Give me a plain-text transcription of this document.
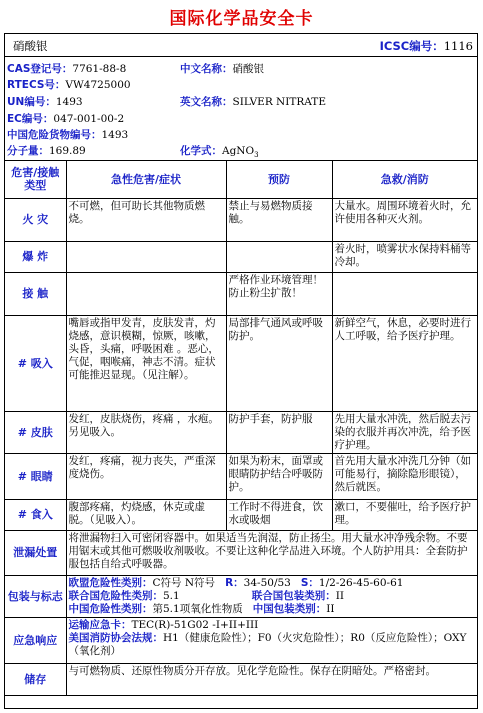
国际化学品安全卡
硝酸银	ICSC编号：1116
CAS登记号：7761-88-8
RTECS号：VW4725000
UN编号：1493
EC编号：047-001-00-2
中国危险货物编号：1493
分子量：169.89
中文名称：硝酸银
英文名称：SILVER NITRATE
化学式：AgNO$_3$
危害/接触类型	急性危害/症状	预防	急救/消防
火 灾	不可燃，但可助长其他物质燃烧。	禁止与易燃物质接触。	大量水。周围环境着火时，允许使用各种灭火剂。
爆 炸			着火时，喷雾状水保持料桶等冷却。
接 触		严格作业环境管理！防止粉尘扩散！	
# 吸入	嘴唇或指甲发青，皮肤发青，灼烧感，意识模糊，惊厥，咳嗽，头昏，头痛，呼吸困难 。恶心，气促，咽喉痛，神志不清。症状可能推迟显现。（见注解）。	局部排气通风或呼吸防护。	新鲜空气，休息，必要时进行人工呼吸，给予医疗护理。
# 皮肤	发红，皮肤烧伤，疼痛 ，水疱。另见吸入。	防护手套，防护服	先用大量水冲洗，然后脱去污染的衣服并再次冲洗，给予医疗护理。
# 眼睛	发红，疼痛，视力丧失，严重深度烧伤。	如果为粉末，面罩或眼睛防护结合呼吸防护。	首先用大量水冲洗几分钟（如可能易行，摘除隐形眼镜），然后就医。
# 食入	腹部疼痛，灼烧感，休克或虚脱。（见吸入）。	工作时不得进食，饮水或吸烟	漱口，不要催吐，给予医疗护理。
泄漏处置	将泄漏物扫入可密闭容器中。如果适当先润湿，防止扬尘。用大量水冲净残余物。不要用锯末或其他可燃吸收剂吸收。不要让这种化学品进入环境。个人防护用具：全套防护服包括自给式呼吸器。		
包装与标志	欧盟危险性类别：C符号 N符号 R：34-50/53 S：1/2-26-45-60-61
联合国危险性类别：5.1 联合国包装类别：II
中国危险性类别：第5.1项氧化性物质 中国包装类别：II		

应急响应	运输应急卡：TEC(R)-51G02 -I+II+III
美国消防协会法规：H1（健康危险性）；F0（火灾危险性）；R0（反应危险性）；OXY（氧化剂）		

储存	与可燃物质、还原性物质分开存放。见化学危险性。保存在阴暗处。严格密封。		
